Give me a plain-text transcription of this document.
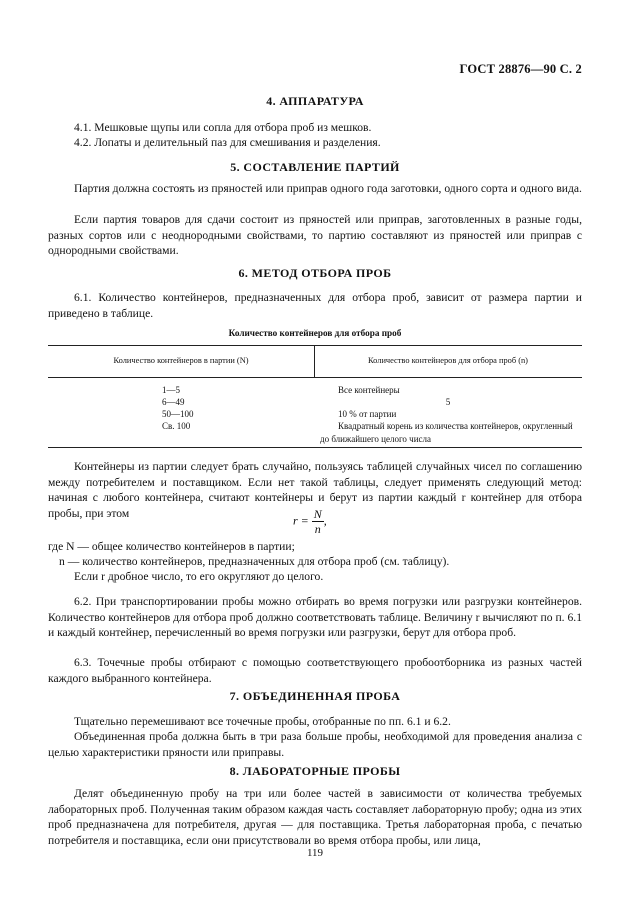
ГОСТ 28876—90 С. 2
4. АППАРАТУРА
4.1. Мешковые щупы или сопла для отбора проб из мешков.
4.2. Лопаты и делительный паз для смешивания и разделения.
5. СОСТАВЛЕНИЕ ПАРТИЙ
Партия должна состоять из пряностей или приправ одного года заготовки, одного сорта и одного вида.
Если партия товаров для сдачи состоит из пряностей или приправ, заготовленных в разные годы, разных сортов или с неоднородными свойствами, то партию составляют из пряностей или приправ с однородными свойствами.
6. МЕТОД ОТБОРА ПРОБ
6.1. Количество контейнеров, предназначенных для отбора проб, зависит от размера партии и приведено в таблице.
Количество контейнеров для отбора проб
Количество контейнеров в партии (N)	Количество контейнеров для отбора проб (n)
1—5	Все контейнеры
6—49	5
50—100	10 % от партии
Св. 100	Квадратный корень из количества контейнеров, округленный до ближайшего целого числа
Контейнеры из партии следует брать случайно, пользуясь таблицей случайных чисел по соглашению между потребителем и поставщиком. Если нет такой таблицы, следует применять следующий метод: начиная с любого контейнера, считают контейнеры и берут из партии каждый r контейнер для отбора пробы, при этом	$r = \frac{N}{n}$ ,
где N — общее количество контейнеров в партии;
n — количество контейнеров, предназначенных для отбора проб (см. таблицу).
Если r дробное число, то его округляют до целого.
6.2. При транспортировании пробы можно отбирать во время погрузки или разгрузки контейнеров. Количество контейнеров для отбора проб должно соответствовать таблице. Величину r вычисляют по п. 6.1 и каждый контейнер, перечисленный во время погрузки или разгрузки, берут для отбора проб.
6.3. Точечные пробы отбирают с помощью соответствующего пробоотборника из разных частей каждого выбранного контейнера.
7. ОБЪЕДИНЕННАЯ ПРОБА
Тщательно перемешивают все точечные пробы, отобранные по пп. 6.1 и 6.2.
Объединенная проба должна быть в три раза больше пробы, необходимой для проведения анализа с целью характеристики пряности или приправы.
8. ЛАБОРАТОРНЫЕ ПРОБЫ
Делят объединенную пробу на три или более частей в зависимости от количества требуемых лабораторных проб. Полученная таким образом каждая часть составляет лабораторную пробу; одна из этих проб предназначена для потребителя, другая — для поставщика. Третья лабораторная проба, с печатью потребителя и поставщика, если они присутствовали во время отбора пробы, или лица,
119
